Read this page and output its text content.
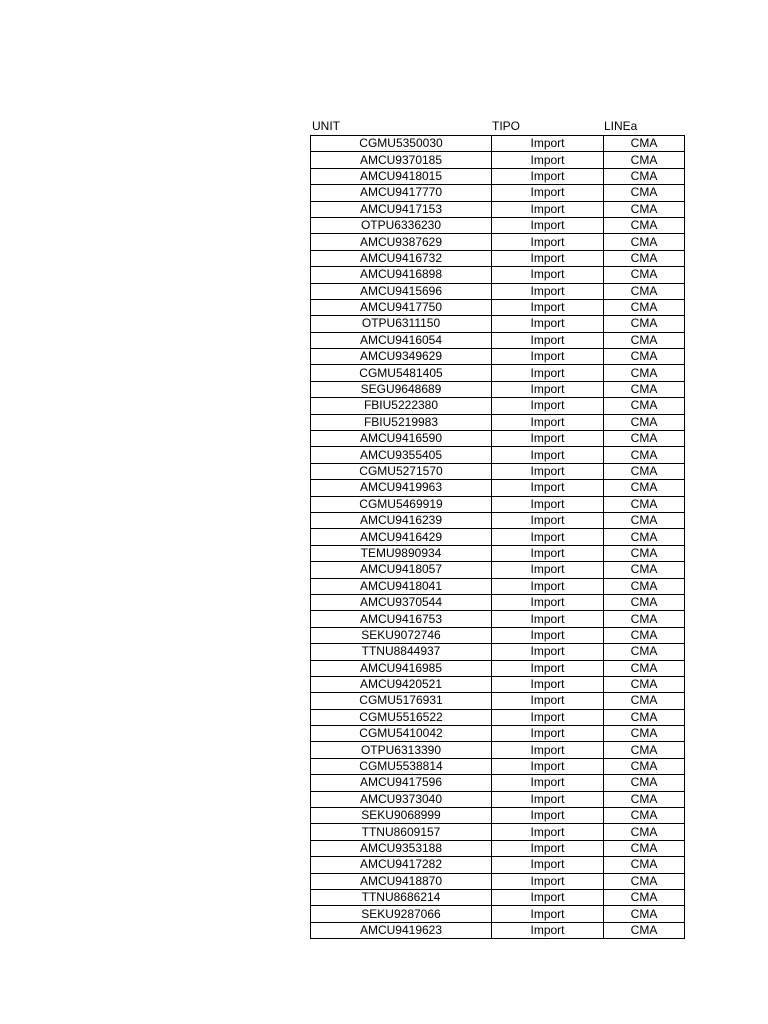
UNIT	TIPO	LINEa
CGMU5350030	Import	CMA
AMCU9370185	Import	CMA
AMCU9418015	Import	CMA
AMCU9417770	Import	CMA
AMCU9417153	Import	CMA
OTPU6336230	Import	CMA
AMCU9387629	Import	CMA
AMCU9416732	Import	CMA
AMCU9416898	Import	CMA
AMCU9415696	Import	CMA
AMCU9417750	Import	CMA
OTPU6311150	Import	CMA
AMCU9416054	Import	CMA
AMCU9349629	Import	CMA
CGMU5481405	Import	CMA
SEGU9648689	Import	CMA
FBIU5222380	Import	CMA
FBIU5219983	Import	CMA
AMCU9416590	Import	CMA
AMCU9355405	Import	CMA
CGMU5271570	Import	CMA
AMCU9419963	Import	CMA
CGMU5469919	Import	CMA
AMCU9416239	Import	CMA
AMCU9416429	Import	CMA
TEMU9890934	Import	CMA
AMCU9418057	Import	CMA
AMCU9418041	Import	CMA
AMCU9370544	Import	CMA
AMCU9416753	Import	CMA
SEKU9072746	Import	CMA
TTNU8844937	Import	CMA
AMCU9416985	Import	CMA
AMCU9420521	Import	CMA
CGMU5176931	Import	CMA
CGMU5516522	Import	CMA
CGMU5410042	Import	CMA
OTPU6313390	Import	CMA
CGMU5538814	Import	CMA
AMCU9417596	Import	CMA
AMCU9373040	Import	CMA
SEKU9068999	Import	CMA
TTNU8609157	Import	CMA
AMCU9353188	Import	CMA
AMCU9417282	Import	CMA
AMCU9418870	Import	CMA
TTNU8686214	Import	CMA
SEKU9287066	Import	CMA
AMCU9419623	Import	CMA
